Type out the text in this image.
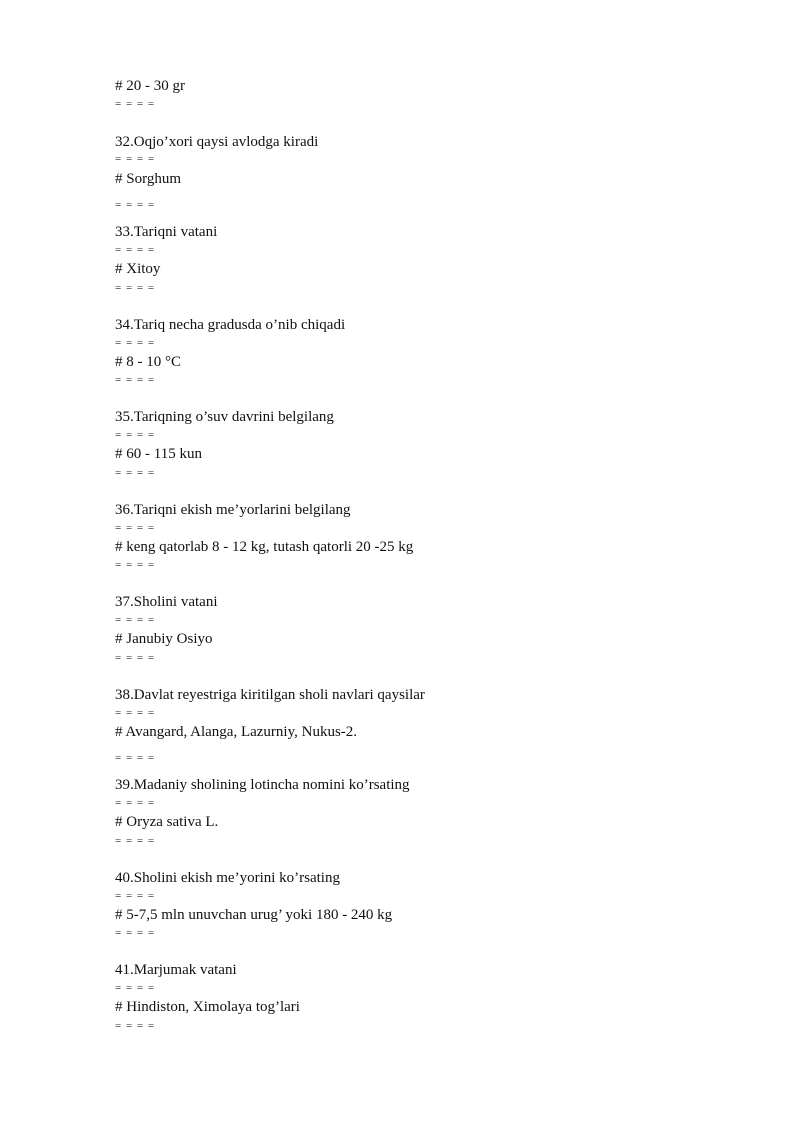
# 20 - 30 gr
= = = =
32.Oqjo’xori qaysi avlodga kiradi
= = = =
# Sorghum
= = = =
33.Tariqni vatani
= = = =
# Xitoy
= = = =
34.Tariq necha gradusda o’nib chiqadi
= = = =
# 8 - 10 °C
= = = =
35.Tariqning o’suv davrini belgilang
= = = =
# 60 - 115 kun
= = = =
36.Tariqni ekish me’yorlarini belgilang
= = = =
# keng qatorlab 8 - 12 kg, tutash qatorli 20 -25 kg
= = = =
37.Sholini vatani
= = = =
# Janubiy Osiyo
= = = =
38.Davlat reyestriga kiritilgan sholi navlari qaysilar
= = = =
# Avangard, Alanga, Lazurniy, Nukus-2.
= = = =
39.Madaniy sholining lotincha nomini ko’rsating
= = = =
# Oryza sativa L.
= = = =
40.Sholini ekish me’yorini ko’rsating
= = = =
# 5-7,5 mln unuvchan urug’ yoki 180 - 240 kg
= = = =
41.Marjumak vatani
= = = =
# Hindiston, Ximolaya tog’lari
= = = =
